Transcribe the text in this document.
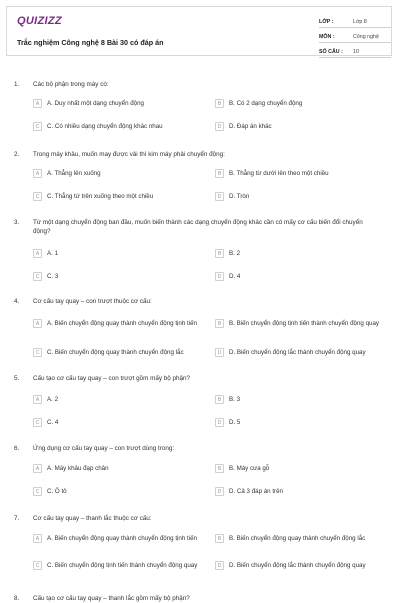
QUIZIZZ
Trắc nghiệm Công nghệ 8 Bài 30 có đáp án
LỚP :	Lớp 8
MÔN :	Công nghệ
SỐ CÂU :	10
1.	Các bộ phận trong máy có:
A	A. Duy nhất một dạng chuyển động	B	B. Có 2 dạng chuyển động
C	C. Có nhiều dạng chuyển động khác nhau	D	D. Đáp án khác
2.	Trong máy khâu, muốn may được vải thì kim máy phải chuyển động:
A	A. Thẳng lên xuống	B	B. Thẳng từ dưới lên theo một chiều
C	C. Thẳng từ trên xuống theo một chiều	D	D. Tròn
3.	Từ một dạng chuyển động ban đầu, muốn biến thành các dạng chuyển động khác cần có mấy cơ cấu biến đổi chuyển động?
A	A. 1	B	B. 2
C	C. 3	D	D. 4
4.	Cơ cấu tay quay – con trượt thuộc cơ cấu:
A	A. Biến chuyển động quay thành chuyển động tịnh tiến	B	B. Biến chuyển động tịnh tiến thành chuyển động quay
C	C. Biến chuyển động quay thành chuyển động lắc	D	D. Biến chuyển động lắc thành chuyển động quay
5.	Cấu tạo cơ cấu tay quay – con trượt gồm mấy bộ phận?
A	A. 2	B	B. 3
C	C. 4	D	D. 5
6.	Ứng dụng cơ cấu tay quay – con trượt dùng trong:
A	A. Máy khâu đạp chân	B	B. Máy cưa gỗ
C	C. Ô tô	D	D. Cả 3 đáp án trên
7.	Cơ cấu tay quay – thanh lắc thuộc cơ cấu:
A	A. Biến chuyển động quay thành chuyển động tịnh tiến	B	B. Biến chuyển động quay thành chuyển động lắc
C	C. Biến chuyển động tịnh tiến thành chuyển động quay	D	D. Biến chuyển động lắc thành chuyển động quay
8.	Cấu tạo cơ cấu tay quay – thanh lắc gồm mấy bộ phận?
